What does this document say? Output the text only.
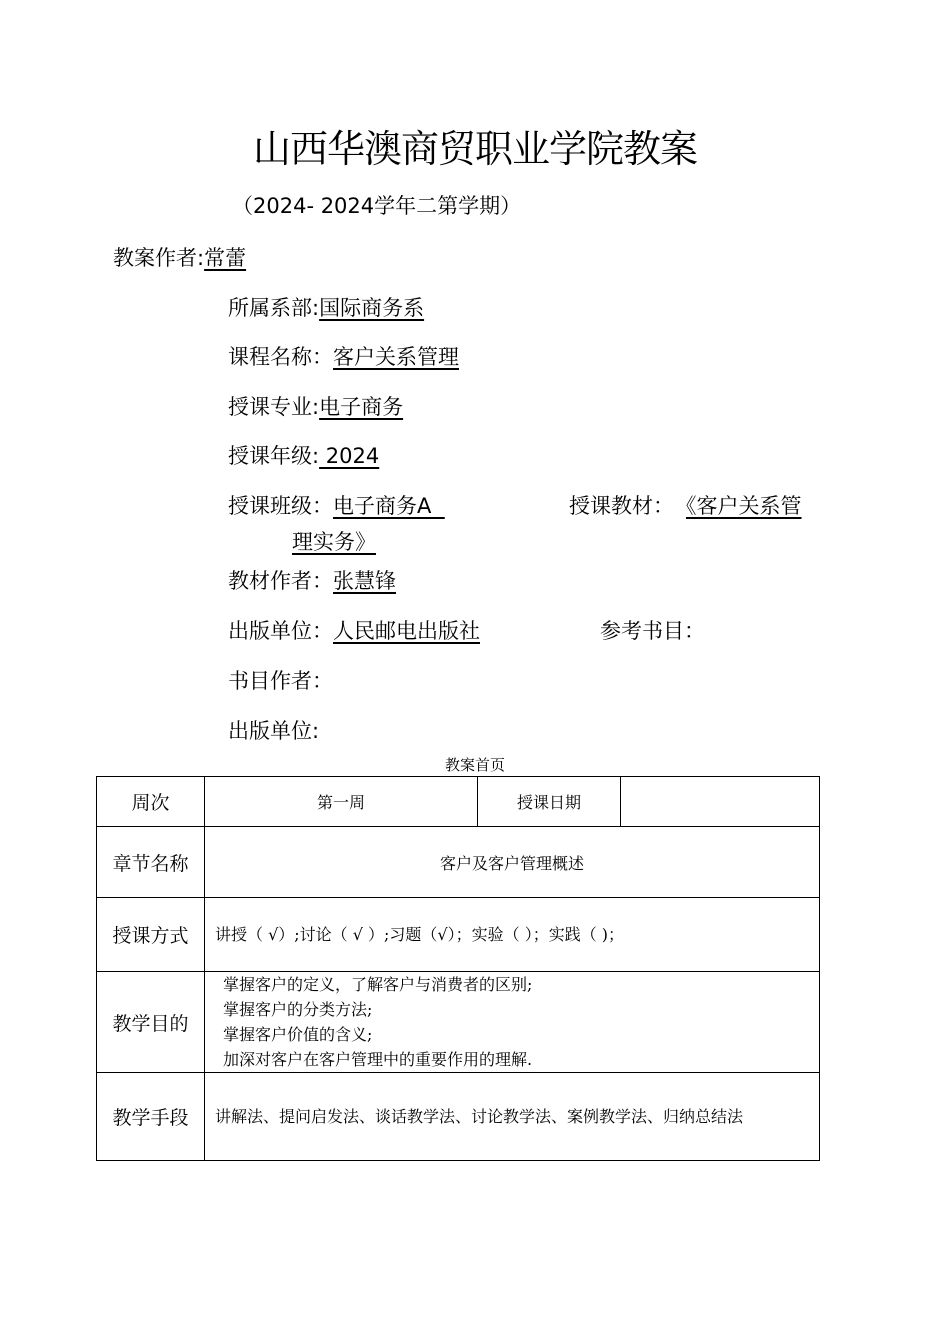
山西华澳商贸职业学院教案
（2024- 2024学年二第学期）
教案作者:常蕾
所属系部:国际商务系
课程名称：客户关系管理
授课专业:电子商务
授课年级: 2024
授课班级：电子商务A	授课教材： 《客户关系管
理实务》
教材作者：张慧锋
出版单位：人民邮电出版社	参考书目：
书目作者：
出版单位:
教案首页
周次	第一周	授课日期	
章节名称	客户及客户管理概述		
授课方式	讲授（ √）;讨论（ √ ）;习题（√）；实验（ ）；实践（ )；		
教学目的	掌握客户的定义，了解客户与消费者的区别;
掌握客户的分类方法;
掌握客户价值的含义;
加深对客户在客户管理中的重要作用的理解.		

教学手段	讲解法、提问启发法、谈话教学法、讨论教学法、案例教学法、归纳总结法		
